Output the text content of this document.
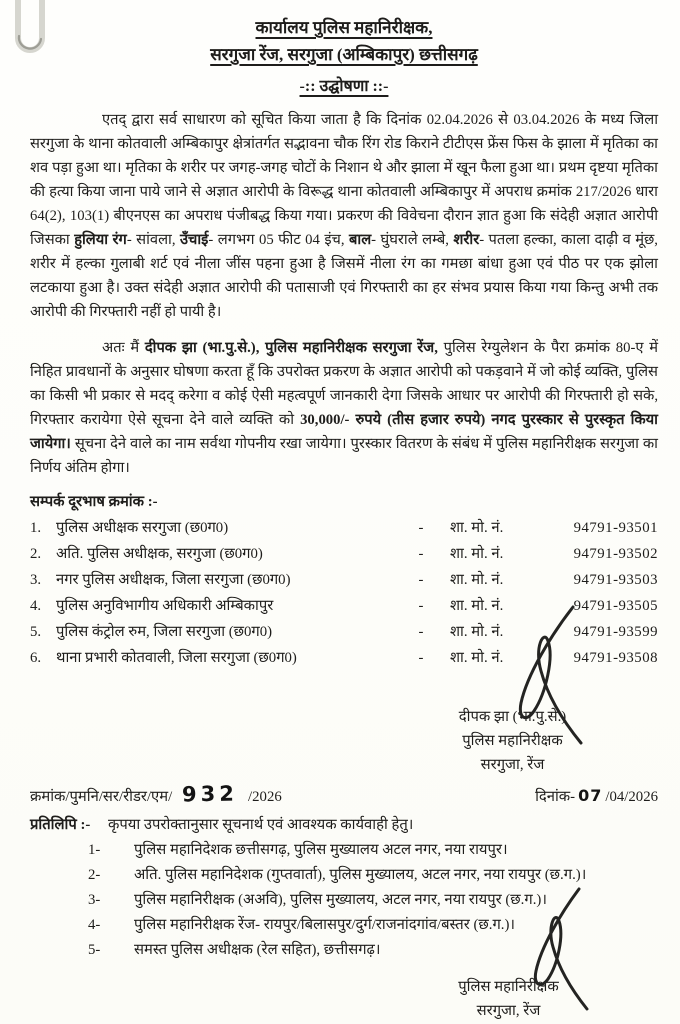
कार्यालय पुलिस महानिरीक्षक,
सरगुजा रेंज, सरगुजा (अम्बिकापुर) छत्तीसगढ़
-:: उद्घोषणा ::-

एतद् द्वारा सर्व साधारण को सूचित किया जाता है कि दिनांक 02.04.2026 से 03.04.2026 के मध्य जिला सरगुजा के थाना कोतवाली अम्बिकापुर क्षेत्रांतर्गत सद्भावना चौक रिंग रोड किराने टीटीएस फ्रेंस फिस के झाला में मृतिका का शव पड़ा हुआ था। मृतिका के शरीर पर जगह-जगह चोटों के निशान थे और झाला में खून फैला हुआ था। प्रथम दृष्टया मृतिका की हत्या किया जाना पाये जाने से अज्ञात आरोपी के विरूद्ध थाना कोतवाली अम्बिकापुर में अपराध क्रमांक 217/2026 धारा 64(2), 103(1) बीएनएस का अपराध पंजीबद्ध किया गया। प्रकरण की विवेचना दौरान ज्ञात हुआ कि संदेही अज्ञात आरोपी जिसका हुलिया रंग- सांवला, उँचाई- लगभग 05 फीट 04 इंच, बाल- घुंघराले लम्बे, शरीर- पतला हल्का, काला दाढ़ी व मूंछ, शरीर में हल्का गुलाबी शर्ट एवं नीला जींस पहना हुआ है जिसमें नीला रंग का गमछा बांधा हुआ एवं पीठ पर एक झोला लटकाया हुआ है। उक्त संदेही अज्ञात आरोपी की पतासाजी एवं गिरफ्तारी का हर संभव प्रयास किया गया किन्तु अभी तक आरोपी की गिरफ्तारी नहीं हो पायी है।

अतः मैं दीपक झा (भा.पु.से.), पुलिस महानिरीक्षक सरगुजा रेंज, पुलिस रेग्युलेशन के पैरा क्रमांक 80-ए में निहित प्रावधानों के अनुसार घोषणा करता हूँ कि उपरोक्त प्रकरण के अज्ञात आरोपी को पकड़वाने में जो कोई व्यक्ति, पुलिस का किसी भी प्रकार से मदद् करेगा व कोई ऐसी महत्वपूर्ण जानकारी देगा जिसके आधार पर आरोपी की गिरफ्तारी हो सके, गिरफ्तार करायेगा ऐसे सूचना देने वाले व्यक्ति को 30,000/- रुपये (तीस हजार रुपये) नगद पुरस्कार से पुरस्कृत किया जायेगा। सूचना देने वाले का नाम सर्वथा गोपनीय रखा जायेगा। पुरस्कार वितरण के संबंध में पुलिस महानिरीक्षक सरगुजा का निर्णय अंतिम होगा।

सम्पर्क दूरभाष क्रमांक :-
1.	पुलिस अधीक्षक सरगुजा (छ0ग0)	-	शा. मो. नं.	94791-93501
2.	अति. पुलिस अधीक्षक, सरगुजा (छ0ग0)	-	शा. मो. नं.	94791-93502
3.	नगर पुलिस अधीक्षक, जिला सरगुजा (छ0ग0)	-	शा. मो. नं.	94791-93503
4.	पुलिस अनुविभागीय अधिकारी अम्बिकापुर	-	शा. मो. नं.	94791-93505
5.	पुलिस कंट्रोल रुम, जिला सरगुजा (छ0ग0)	-	शा. मो. नं.	94791-93599
6.	थाना प्रभारी कोतवाली, जिला सरगुजा (छ0ग0)	-	शा. मो. नं.	94791-93508
दीपक झा (भा.पु.से.)
पुलिस महानिरीक्षक
सरगुजा, रेंज
क्रमांक/पुमनि/सर/रीडर/एम/ 932 /2026	दिनांक- 07 /04/2026
प्रतिलिपि :-	कृपया उपरोक्तानुसार सूचनार्थ एवं आवश्यक कार्यवाही हेतु।
1-	पुलिस महानिदेशक छत्तीसगढ़, पुलिस मुख्यालय अटल नगर, नया रायपुर।
2-	अति. पुलिस महानिदेशक (गुप्तवार्ता), पुलिस मुख्यालय, अटल नगर, नया रायपुर (छ.ग.)।
3-	पुलिस महानिरीक्षक (अअवि), पुलिस मुख्यालय, अटल नगर, नया रायपुर (छ.ग.)।
4-	पुलिस महानिरीक्षक रेंज- रायपुर/बिलासपुर/दुर्ग/राजनांदगांव/बस्तर (छ.ग.)।
5-	समस्त पुलिस अधीक्षक (रेल सहित), छत्तीसगढ़।
पुलिस महानिरीक्षक
सरगुजा, रेंज
